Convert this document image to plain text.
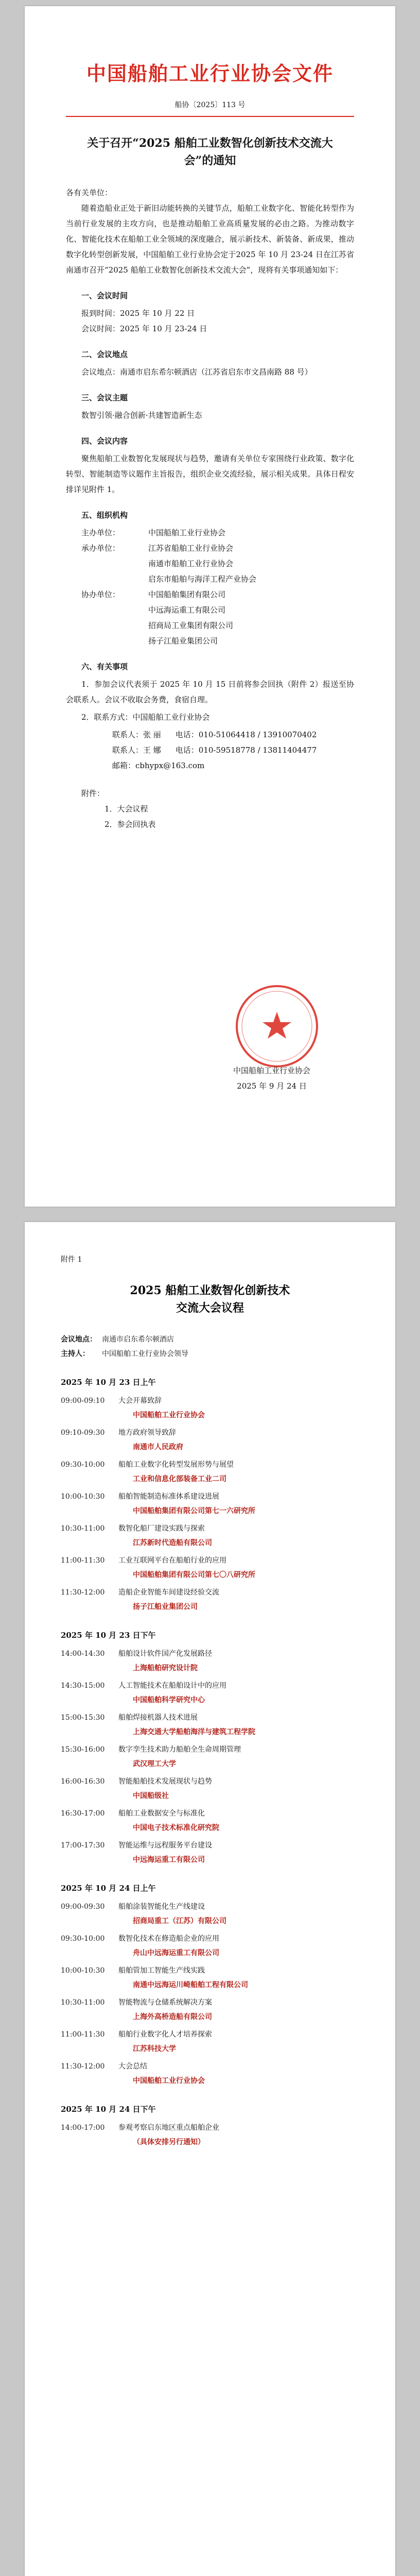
中国船舶工业行业协会文件
船协〔2025〕113 号
关于召开“2025 船舶工业数智化创新技术交流大会”的通知
各有关单位：

随着造船业正处于新旧动能转换的关键节点，船舶工业数字化、智能化转型作为当前行业发展的主攻方向，也是推动船舶工业高质量发展的必由之路。为推动数字化、智能化技术在船舶工业全领域的深度融合，展示新技术、新装备、新成果，推动数字化转型创新发展，中国船舶工业行业协会定于2025 年 10 月 23-24 日在江苏省南通市召开“2025 船舶工业数智化创新技术交流大会”，现将有关事项通知如下：

一、会议时间
报到时间：2025 年 10 月 22 日
会议时间：2025 年 10 月 23-24 日
二、会议地点
会议地点：南通市启东希尔顿酒店（江苏省启东市文昌南路 88 号）
三、会议主题
数智引领·融合创新·共建智造新生态
四、会议内容
聚焦船舶工业数智化发展现状与趋势，邀请有关单位专家围绕行业政策、数字化转型、智能制造等议题作主旨报告，组织企业交流经验，展示相关成果。具体日程安排详见附件 1。
五、组织机构
主办单位：	中国船舶工业行业协会
承办单位：	江苏省船舶工业行业协会
南通市船舶工业行业协会
启东市船舶与海洋工程产业协会
协办单位：	中国船舶集团有限公司
中远海运重工有限公司
招商局工业集团有限公司
扬子江船业集团公司
六、有关事项

1．参加会议代表须于 2025 年 10 月 15 日前将参会回执（附件 2）报送至协会联系人。会议不收取会务费，食宿自理。

2．联系方式：中国船舶工业行业协会

联系人：张 丽 电话：010-51064418 / 13910070402
联系人：王 娜 电话：010-59518778 / 13811404477
邮箱：cbhypx@163.com
附件：
1．大会议程
2．参会回执表
中国船舶工业行业协会
2025 年 9 月 24 日
附件 1
2025 船舶工业数智化创新技术
交流大会议程
会议地点： 南通市启东希尔顿酒店
主持人：	中国船舶工业行业协会领导
2025 年 10 月 23 日上午
09:00-09:10	大会开幕致辞
中国船舶工业行业协会
09:10-09:30	地方政府领导致辞
南通市人民政府
09:30-10:00	船舶工业数字化转型发展形势与展望
工业和信息化部装备工业二司
10:00-10:30	船舶智能制造标准体系建设进展
中国船舶集团有限公司第七一六研究所
10:30-11:00	数智化船厂建设实践与探索
江苏新时代造船有限公司
11:00-11:30	工业互联网平台在船舶行业的应用
中国船舶集团有限公司第七〇八研究所
11:30-12:00	造船企业智能车间建设经验交流
扬子江船业集团公司
2025 年 10 月 23 日下午
14:00-14:30	船舶设计软件国产化发展路径
上海船舶研究设计院
14:30-15:00	人工智能技术在船舶设计中的应用
中国船舶科学研究中心
15:00-15:30	船舶焊接机器人技术进展
上海交通大学船舶海洋与建筑工程学院
15:30-16:00	数字孪生技术助力船舶全生命周期管理
武汉理工大学
16:00-16:30	智能船舶技术发展现状与趋势
中国船级社
16:30-17:00	船舶工业数据安全与标准化
中国电子技术标准化研究院
17:00-17:30	智能运维与远程服务平台建设
中远海运重工有限公司
2025 年 10 月 24 日上午
09:00-09:30	船舶涂装智能化生产线建设
招商局重工（江苏）有限公司
09:30-10:00	数智化技术在修造船企业的应用
舟山中远海运重工有限公司
10:00-10:30	船舶管加工智能生产线实践
南通中远海运川崎船舶工程有限公司
10:30-11:00	智能物流与仓储系统解决方案
上海外高桥造船有限公司
11:00-11:30	船舶行业数字化人才培养探索
江苏科技大学
11:30-12:00	大会总结
中国船舶工业行业协会
2025 年 10 月 24 日下午
14:00-17:00	参观考察启东地区重点船舶企业
（具体安排另行通知）
